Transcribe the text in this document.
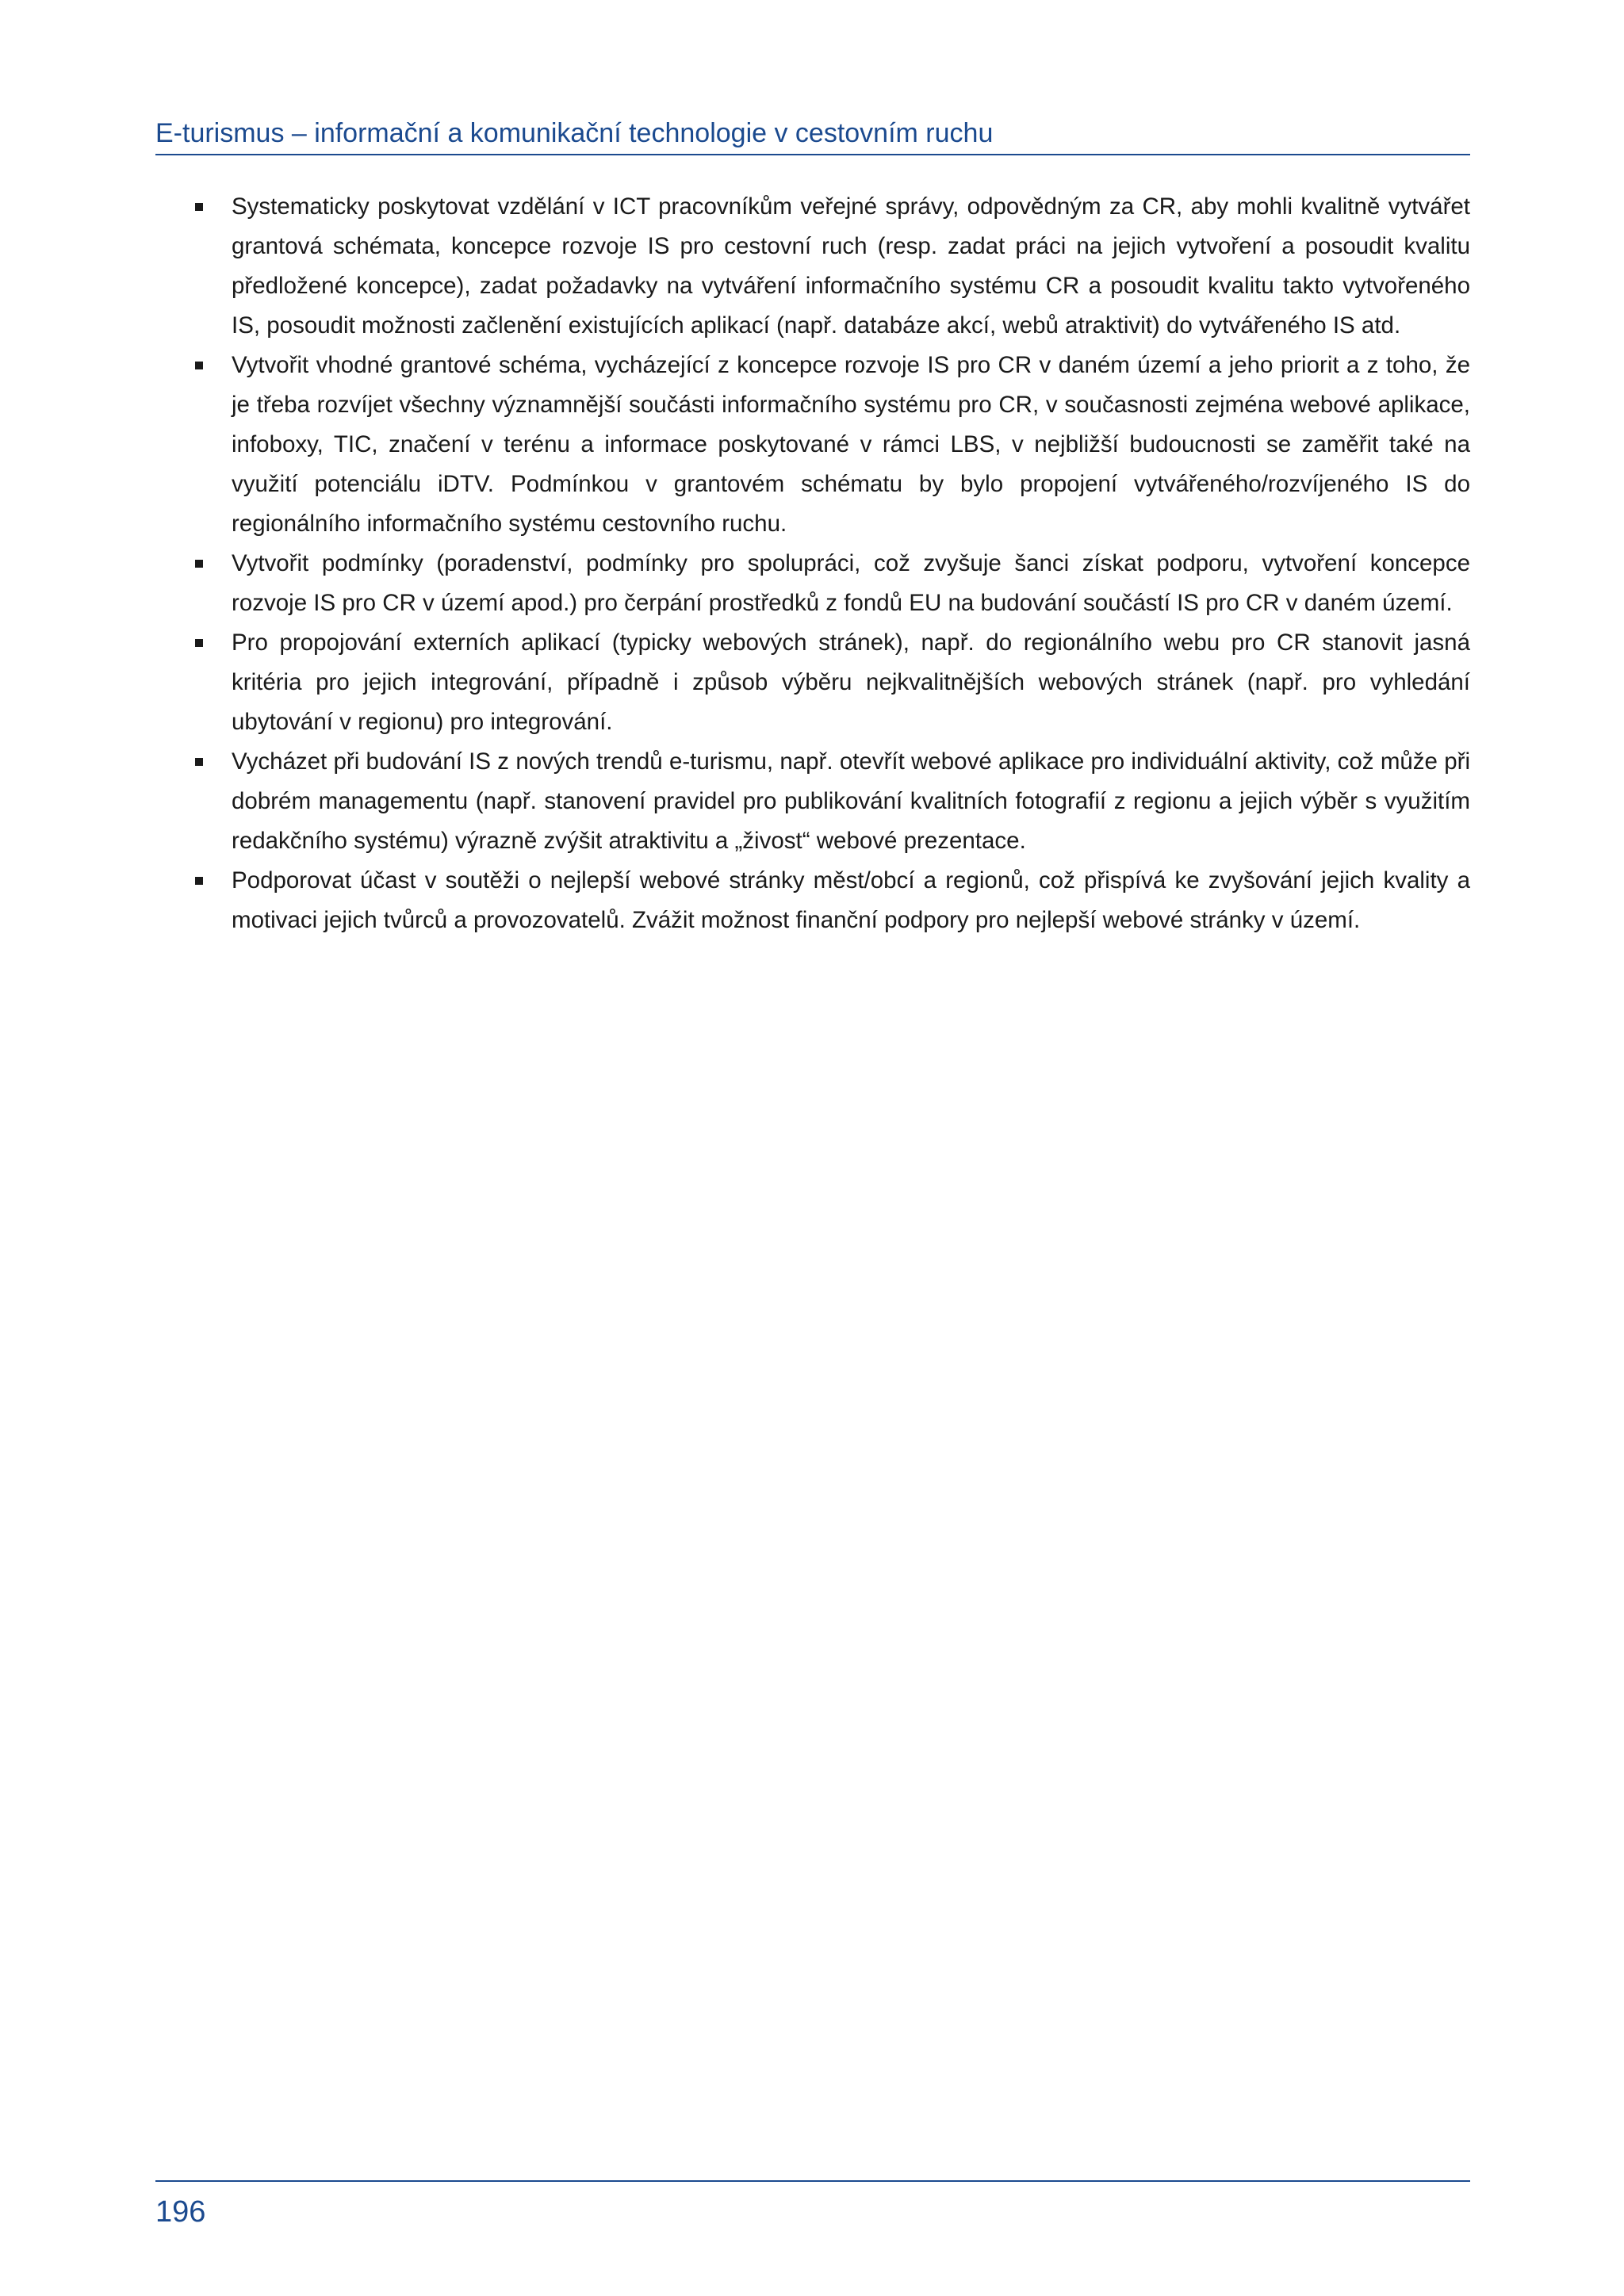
E-turismus – informační a komunikační technologie v cestovním ruchu
Systematicky poskytovat vzdělání v ICT pracovníkům veřejné správy, odpovědným za CR, aby mohli kvalitně vytvářet grantová schémata, koncepce rozvoje IS pro cestovní ruch (resp. zadat práci na jejich vytvoření a posoudit kvalitu předložené koncepce), zadat požadavky na vytváření informačního systému CR a posoudit kvalitu takto vytvořeného IS, posoudit možnosti začlenění existujících aplikací (např. databáze akcí, webů atraktivit) do vytvářeného IS atd.
Vytvořit vhodné grantové schéma, vycházející z koncepce rozvoje IS pro CR v daném území a jeho priorit a z toho, že je třeba rozvíjet všechny významnější součásti informačního systému pro CR, v současnosti zejména webové aplikace, infoboxy, TIC, značení v terénu a informace poskytované v rámci LBS, v nejbližší budoucnosti se zaměřit také na využití potenciálu iDTV. Podmínkou v grantovém schématu by bylo propojení vytvářeného/rozvíjeného IS do regionálního informačního systému cestovního ruchu.
Vytvořit podmínky (poradenství, podmínky pro spolupráci, což zvyšuje šanci získat podporu, vytvoření koncepce rozvoje IS pro CR v území apod.) pro čerpání prostředků z fondů EU na budování součástí IS pro CR v daném území.
Pro propojování externích aplikací (typicky webových stránek), např. do regionálního webu pro CR stanovit jasná kritéria pro jejich integrování, případně i způsob výběru nejkvalitnějších webových stránek (např. pro vyhledání ubytování v regionu) pro integrování.
Vycházet při budování IS z nových trendů e-turismu, např. otevřít webové aplikace pro individuální aktivity, což může při dobrém managementu (např. stanovení pravidel pro publikování kvalitních fotografií z regionu a jejich výběr s využitím redakčního systému) výrazně zvýšit atraktivitu a „živost“ webové prezentace.
Podporovat účast v soutěži o nejlepší webové stránky měst/obcí a regionů, což přispívá ke zvyšování jejich kvality a motivaci jejich tvůrců a provozovatelů. Zvážit možnost finanční podpory pro nejlepší webové stránky v území.
196
